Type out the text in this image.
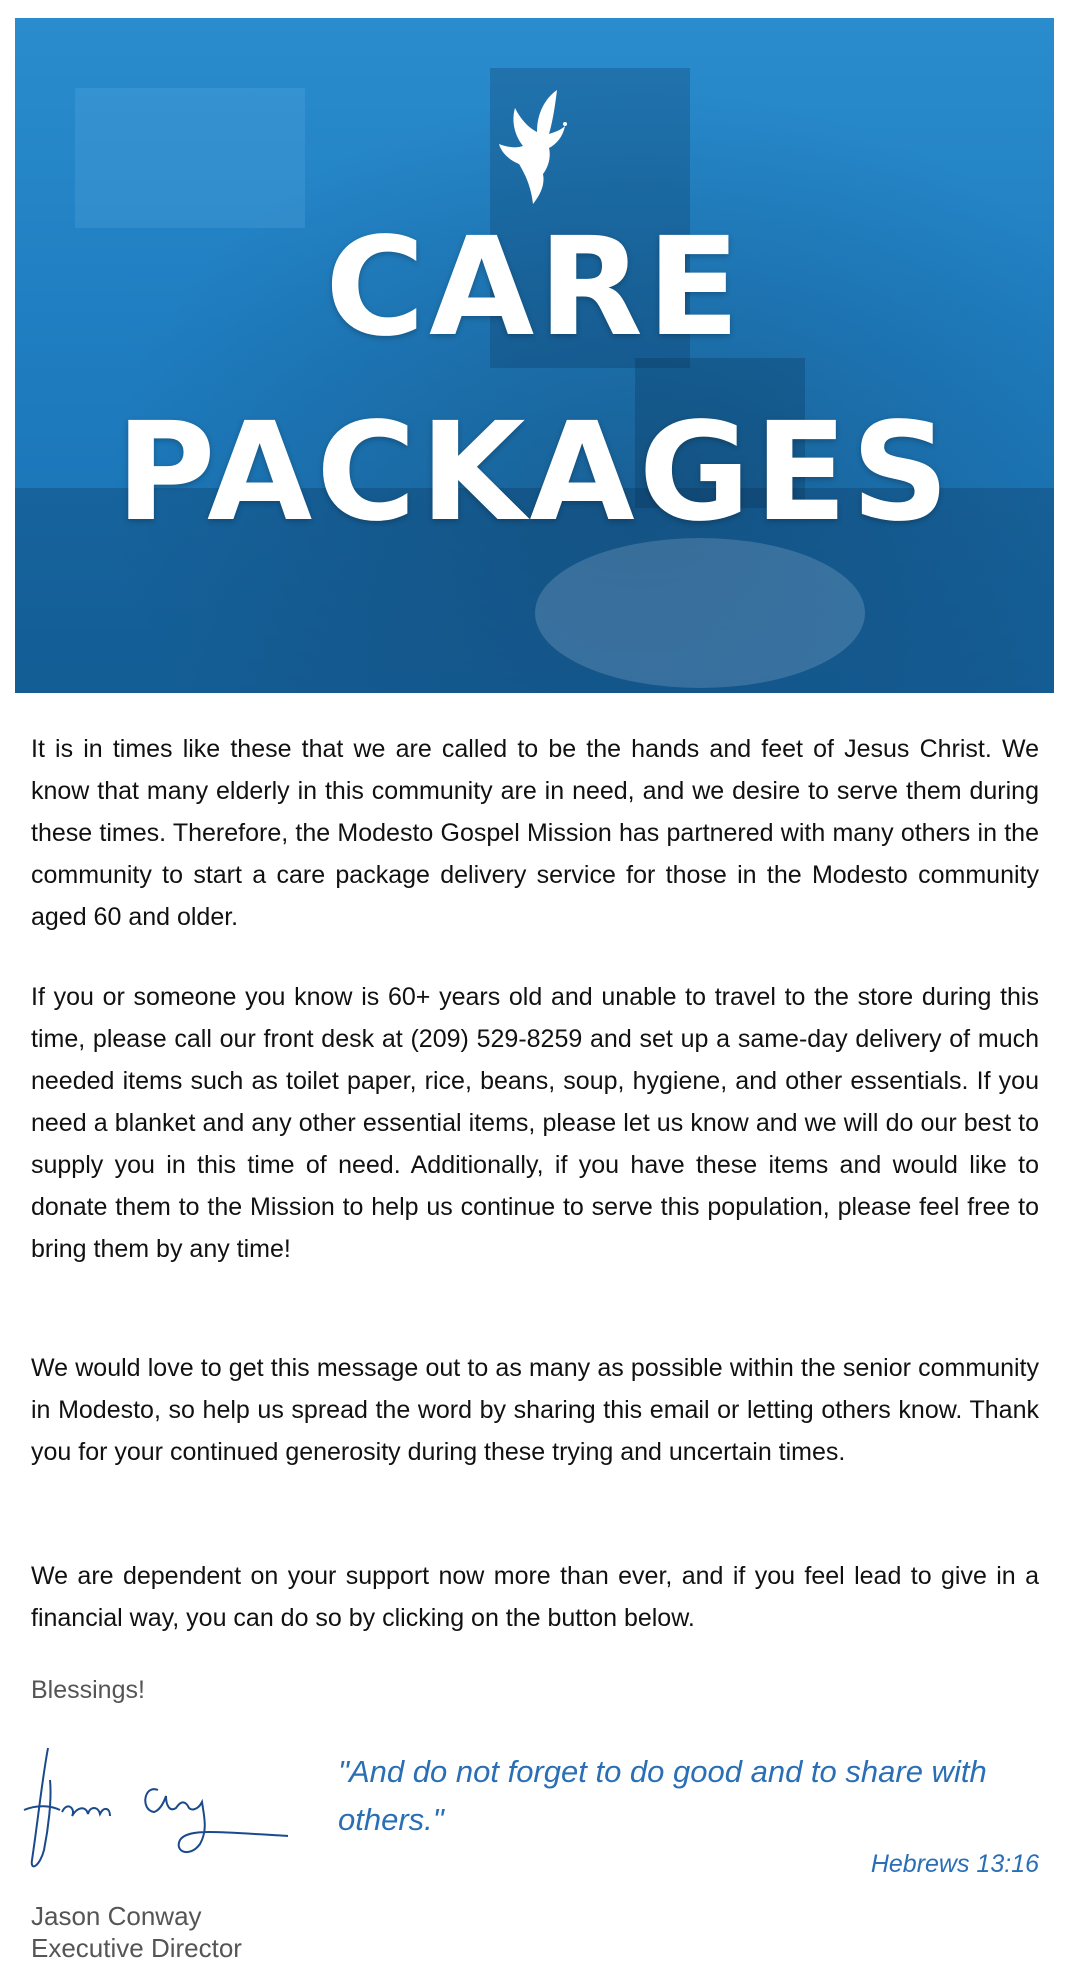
CARE
PACKAGES
It is in times like these that we are called to be the hands and feet of Jesus Christ. We know that many elderly in this community are in need, and we desire to serve them during these times. Therefore, the Modesto Gospel Mission has partnered with many others in the community to start a care package delivery service for those in the Modesto community aged 60 and older.
If you or someone you know is 60+ years old and unable to travel to the store during this time, please call our front desk at (209) 529-8259 and set up a same-day delivery of much needed items such as toilet paper, rice, beans, soup, hygiene, and other essentials. If you need a blanket and any other essential items, please let us know and we will do our best to supply you in this time of need. Additionally, if you have these items and would like to donate them to the Mission to help us continue to serve this population, please feel free to bring them by any time!
We would love to get this message out to as many as possible within the senior community in Modesto, so help us spread the word by sharing this email or letting others know. Thank you for your continued generosity during these trying and uncertain times.
We are dependent on your support now more than ever, and if you feel lead to give in a financial way, you can do so by clicking on the button below.
Blessings!
"And do not forget to do good and to share with others."
Hebrews 13:16
Jason Conway
Executive Director
